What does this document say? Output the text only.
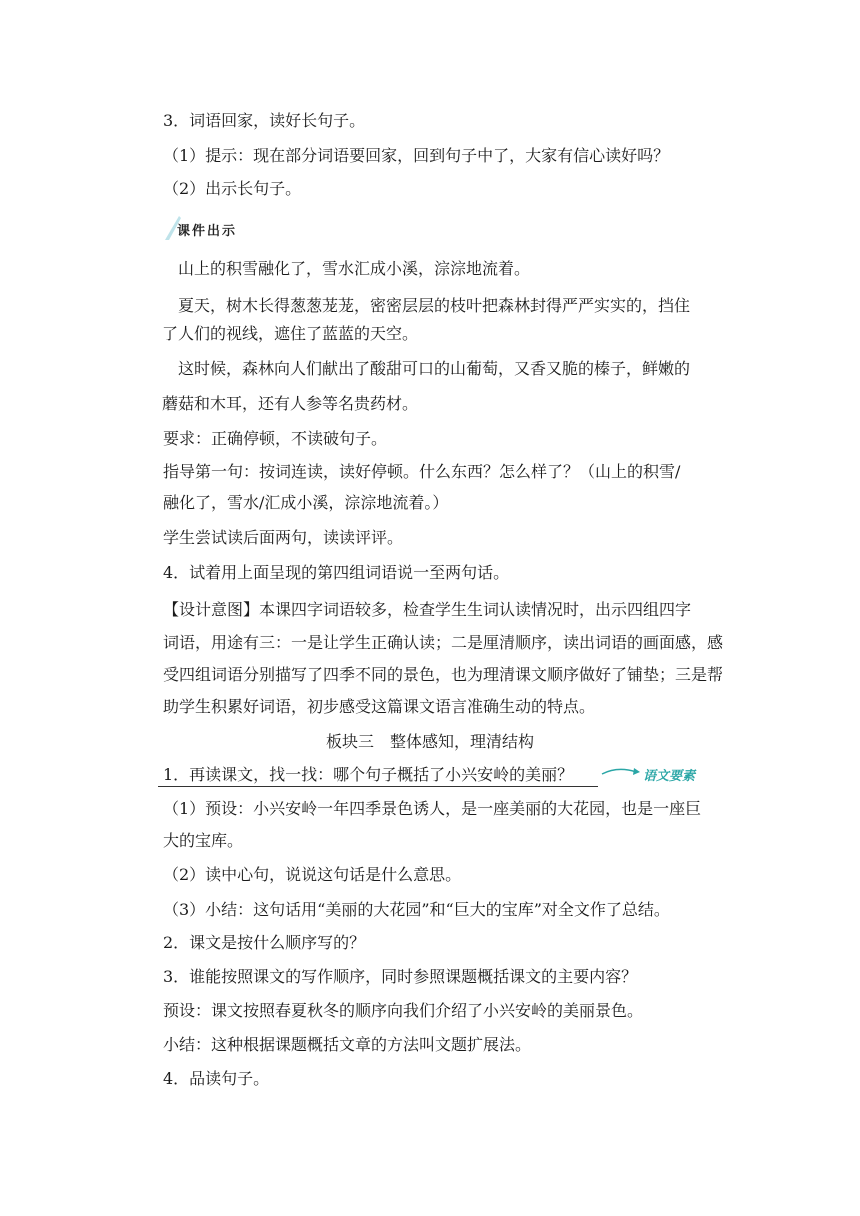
3．词语回家，读好长句子。
（1）提示：现在部分词语要回家，回到句子中了，大家有信心读好吗？
（2）出示长句子。
课件出示
山上的积雪融化了，雪水汇成小溪，淙淙地流着。
夏天，树木长得葱葱茏茏，密密层层的枝叶把森林封得严严实实的，挡住
了人们的视线，遮住了蓝蓝的天空。
这时候，森林向人们献出了酸甜可口的山葡萄，又香又脆的榛子，鲜嫩的
蘑菇和木耳，还有人参等名贵药材。
要求：正确停顿，不读破句子。
指导第一句：按词连读，读好停顿。什么东西？怎么样了？（山上的积雪/
融化了，雪水/汇成小溪，淙淙地流着。）
学生尝试读后面两句，读读评评。
4．试着用上面呈现的第四组词语说一至两句话。
【设计意图】本课四字词语较多，检查学生生词认读情况时，出示四组四字
词语，用途有三：一是让学生正确认读；二是厘清顺序，读出词语的画面感，感
受四组词语分别描写了四季不同的景色，也为理清课文顺序做好了铺垫；三是帮
助学生积累好词语，初步感受这篇课文语言准确生动的特点。
板块三　整体感知，理清结构
1．再读课文，找一找：哪个句子概括了小兴安岭的美丽？	语文要素
（1）预设：小兴安岭一年四季景色诱人，是一座美丽的大花园，也是一座巨
大的宝库。
（2）读中心句，说说这句话是什么意思。
（3）小结：这句话用“美丽的大花园”和“巨大的宝库”对全文作了总结。
2．课文是按什么顺序写的？
3．谁能按照课文的写作顺序，同时参照课题概括课文的主要内容？
预设：课文按照春夏秋冬的顺序向我们介绍了小兴安岭的美丽景色。
小结：这种根据课题概括文章的方法叫文题扩展法。
4．品读句子。
